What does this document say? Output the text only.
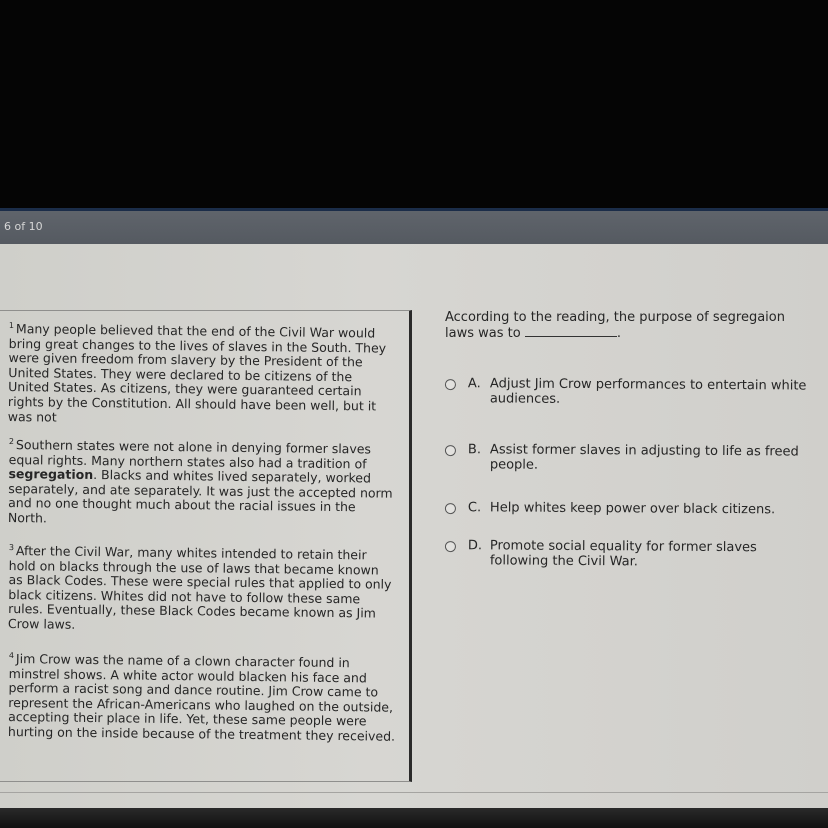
6 of 10

$^1$ Many people believed that the end of the Civil War would bring great changes to the lives of slaves in the South. They were given freedom from slavery by the President of the United States. They were declared to be citizens of the United States. As citizens, they were guaranteed certain rights by the Constitution. All should have been well, but it was not

$^2$ Southern states were not alone in denying former slaves equal rights. Many northern states also had a tradition of segregation. Blacks and whites lived separately, worked separately, and ate separately. It was just the accepted norm and no one thought much about the racial issues in the North.

$^3$ After the Civil War, many whites intended to retain their hold on blacks through the use of laws that became known as Black Codes. These were special rules that applied to only black citizens. Whites did not have to follow these same rules. Eventually, these Black Codes became known as Jim Crow laws.

$^4$ Jim Crow was the name of a clown character found in minstrel shows. A white actor would blacken his face and perform a racist song and dance routine. Jim Crow came to represent the African-Americans who laughed on the outside, accepting their place in life. Yet, these same people were hurting on the inside because of the treatment they received.

According to the reading, the purpose of segregaion laws was to	.

A. Adjust Jim Crow performances to entertain white audiences.
B. Assist former slaves in adjusting to life as freed people.
C. Help whites keep power over black citizens.
D. Promote social equality for former slaves following the Civil War.
